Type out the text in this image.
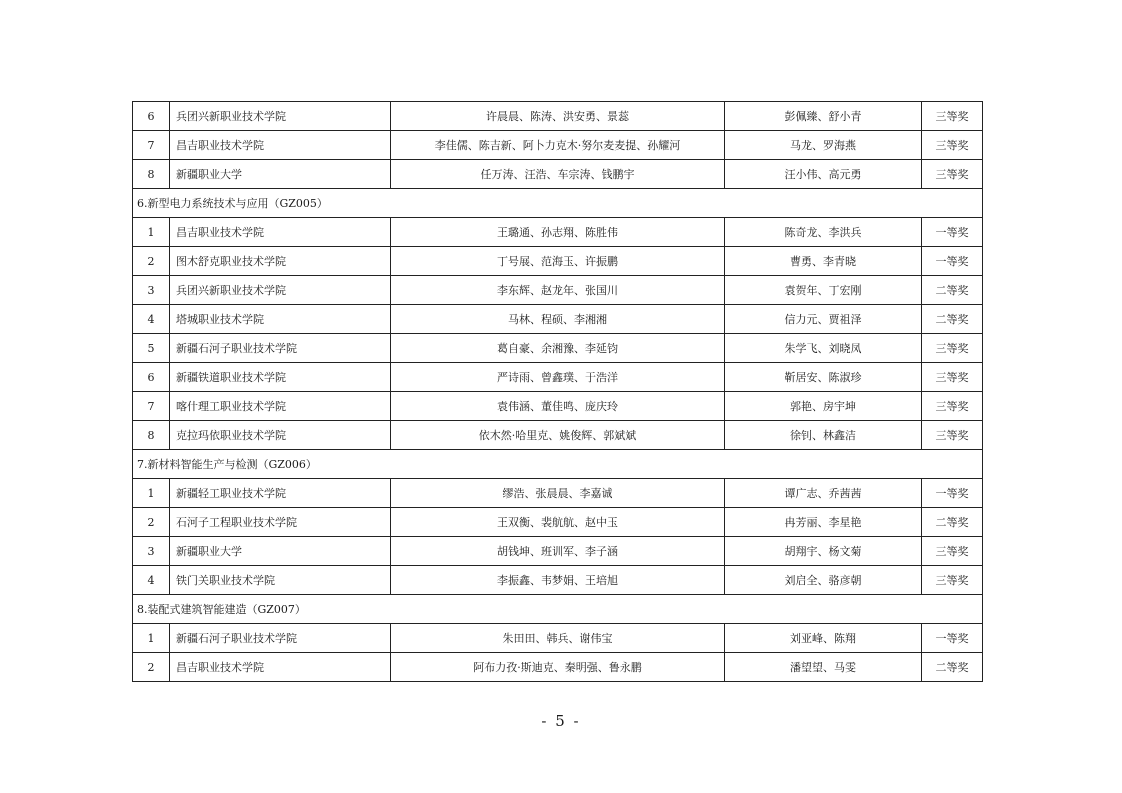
6	兵团兴新职业技术学院	许晨晨、陈涛、洪安勇、景蕊	彭佩臻、舒小青	三等奖
7	昌吉职业技术学院	李佳儒、陈吉新、阿卜力克木·努尔麦麦提、孙耀河	马龙、罗海燕	三等奖
8	新疆职业大学	任万涛、汪浩、车宗涛、钱鹏宇	汪小伟、高元勇	三等奖
6.新型电力系统技术与应用（GZ005）				
1	昌吉职业技术学院	王璐通、孙志翔、陈胜伟	陈奇龙、李洪兵	一等奖
2	图木舒克职业技术学院	丁号展、范海玉、许振鹏	曹勇、李青晓	一等奖
3	兵团兴新职业技术学院	李东辉、赵龙年、张国川	袁贺年、丁宏刚	二等奖
4	塔城职业技术学院	马林、程硕、李湘湘	信力元、贾祖泽	二等奖
5	新疆石河子职业技术学院	葛自豪、余湘豫、李延钧	朱学飞、刘晓凤	三等奖
6	新疆铁道职业技术学院	严诗雨、曾鑫璞、于浩洋	靳居安、陈淑珍	三等奖
7	喀什理工职业技术学院	袁伟涵、董佳鸣、庞庆玲	郭艳、房宇坤	三等奖
8	克拉玛依职业技术学院	依木然·哈里克、姚俊辉、郭斌斌	徐钊、林鑫洁	三等奖
7.新材料智能生产与检测（GZ006）				
1	新疆轻工职业技术学院	缪浩、张晨晨、李嘉诚	谭广志、乔茜茜	一等奖
2	石河子工程职业技术学院	王双衡、裴航航、赵中玉	冉芳丽、李星艳	二等奖
3	新疆职业大学	胡钱坤、班训军、李子涵	胡翔宇、杨文菊	三等奖
4	铁门关职业技术学院	李振鑫、韦梦娟、王培旭	刘启全、骆彦朝	三等奖
8.装配式建筑智能建造（GZ007）				
1	新疆石河子职业技术学院	朱田田、韩兵、谢伟宝	刘亚峰、陈翔	一等奖
2	昌吉职业技术学院	阿布力孜·斯迪克、秦明强、鲁永鹏	潘望望、马雯	二等奖
- 5 -
